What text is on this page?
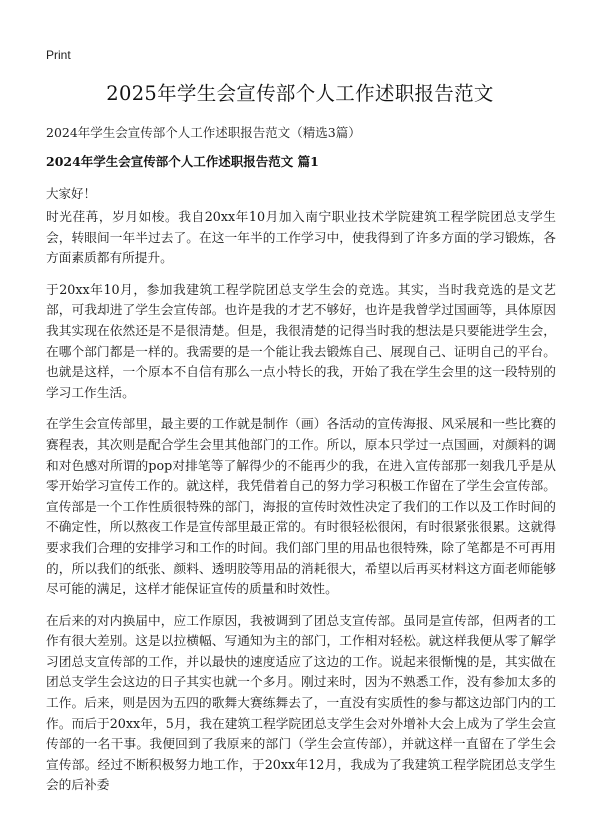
Print
2025年学生会宣传部个人工作述职报告范文
2024年学生会宣传部个人工作述职报告范文（精选3篇）
2024年学生会宣传部个人工作述职报告范文 篇1
大家好！

时光荏苒，岁月如梭。我自20xx年10月加入南宁职业技术学院建筑工程学院团总支学生会，转眼间一年半过去了。在这一年半的工作学习中，使我得到了许多方面的学习锻炼，各方面素质都有所提升。

于20xx年10月，参加我建筑工程学院团总支学生会的竞选。其实，当时我竞选的是文艺部，可我却进了学生会宣传部。也许是我的才艺不够好，也许是我曾学过国画等，具体原因我其实现在依然还是不是很清楚。但是，我很清楚的记得当时我的想法是只要能进学生会，在哪个部门都是一样的。我需要的是一个能让我去锻炼自己、展现自己、证明自己的平台。也就是这样，一个原本不自信有那么一点小特长的我，开始了我在学生会里的这一段特别的学习工作生活。

在学生会宣传部里，最主要的工作就是制作（画）各活动的宣传海报、风采展和一些比赛的赛程表，其次则是配合学生会里其他部门的工作。所以，原本只学过一点国画，对颜料的调和对色感对所谓的pop对排笔等了解得少的不能再少的我，在进入宣传部那一刻我几乎是从零开始学习宣传工作的。就这样，我凭借着自己的努力学习积极工作留在了学生会宣传部。宣传部是一个工作性质很特殊的部门，海报的宣传时效性决定了我们的工作以及工作时间的不确定性，所以熬夜工作是宣传部里最正常的。有时很轻松很闲，有时很紧张很累。这就得要求我们合理的安排学习和工作的时间。我们部门里的用品也很特殊，除了笔都是不可再用的，所以我们的纸张、颜料、透明胶等用品的消耗很大，希望以后再买材料这方面老师能够尽可能的满足，这样才能保证宣传的质量和时效性。

在后来的对内换届中，应工作原因，我被调到了团总支宣传部。虽同是宣传部，但两者的工作有很大差别。这是以拉横幅、写通知为主的部门，工作相对轻松。就这样我便从零了解学习团总支宣传部的工作，并以最快的速度适应了这边的工作。说起来很惭愧的是，其实做在团总支学生会这边的日子其实也就一个多月。刚过来时，因为不熟悉工作，没有参加太多的工作。后来，则是因为五四的歌舞大赛练舞去了，一直没有实质性的参与都这边部门内的工作。而后于20xx年，5月，我在建筑工程学院团总支学生会对外增补大会上成为了学生会宣传部的一名干事。我便回到了我原来的部门（学生会宣传部），并就这样一直留在了学生会宣传部。经过不断积极努力地工作，于20xx年12月，我成为了我建筑工程学院团总支学生会的后补委
